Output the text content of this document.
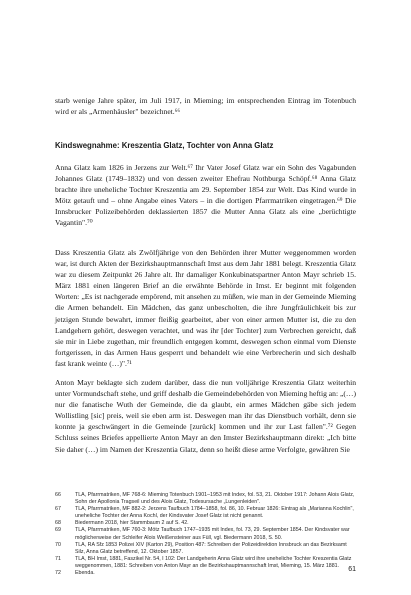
starb wenige Jahre später, im Juli 1917, in Mieming; im entsprechenden Eintrag im Totenbuch wird er als „Armenhäusler" bezeichnet.⁶⁶

Kindswegnahme: Kreszentia Glatz, Tochter von Anna Glatz

Anna Glatz kam 1826 in Jerzens zur Welt.⁶⁷ Ihr Vater Josef Glatz war ein Sohn des Vagabunden Johannes Glatz (1749–1832) und von dessen zweiter Ehefrau Nothburga Schöpf.⁶⁸ Anna Glatz brachte ihre uneheliche Tochter Kreszentia am 29. September 1854 zur Welt. Das Kind wurde in Mötz getauft und – ohne Angabe eines Vaters – in die dortigen Pfarrmatriken eingetragen.⁶⁹ Die Innsbrucker Polizeibehörden deklassierten 1857 die Mutter Anna Glatz als eine „berüchtigte Vagantin".⁷⁰

Dass Kreszentia Glatz als Zwölfjährige von den Behörden ihrer Mutter weggenommen worden war, ist durch Akten der Bezirkshauptmannschaft Imst aus dem Jahr 1881 belegt. Kreszentia Glatz war zu diesem Zeitpunkt 26 Jahre alt. Ihr damaliger Konkubinatspartner Anton Mayr schrieb 15. März 1881 einen längeren Brief an die erwähnte Behörde in Imst. Er beginnt mit folgenden Worten: „Es ist nachgerade empörend, mit ansehen zu müßen, wie man in der Gemeinde Mieming die Armen behandelt. Ein Mädchen, das ganz unbescholten, die ihre Jungfräulichkeit bis zur jetzigen Stunde bewahrt, immer fleißig gearbeitet, aber von einer armen Mutter ist, die zu den Landgehern gehört, deswegen verachtet, und was ihr [der Tochter] zum Verbrechen gereicht, daß sie mir in Liebe zugethan, mir freundlich entgegen kommt, deswegen schon einmal vom Dienste fortgerissen, in das Armen Haus gesperrt und behandelt wie eine Verbrecherin und sich deshalb fast krank weinte (…)".⁷¹

Anton Mayr beklagte sich zudem darüber, dass die nun volljährige Kreszentia Glatz weiterhin unter Vormundschaft stehe, und griff deshalb die Gemeindebehörden von Mieming heftig an: „(…) nur die fanatische Wuth der Gemeinde, die da glaubt, ein armes Mädchen gäbe sich jedem Wollistling [sic] preis, weil sie eben arm ist. Deswegen man ihr das Dienstbuch vorhält, denn sie konnte ja geschwängert in die Gemeinde [zurück] kommen und ihr zur Last fallen".⁷² Gegen Schluss seines Briefes appellierte Anton Mayr an den Imster Bezirkshauptmann direkt: „Ich bitte Sie daher (…) im Namen der Kreszentia Glatz, denn so heißt diese arme Verfolgte, gewähren Sie

66	TLA, Pfarrmatriken, MF 768-6: Mieming Totenbuch 1901–1953 mit Index, fol. 53, 21. Oktober 1917: Johann Alois Glatz, Sohn der Apollonia Tragseil und des Alois Glatz, Todesursache „Lungenleiden".
67	TLA, Pfarrmatriken, MF 882-2: Jerzens Taufbuch 1784–1858, fol. 86, 10. Februar 1826: Eintrag als „Marianna Kochlin", uneheliche Tochter der Anna Kochl, der Kindsvater Josef Glatz ist nicht genannt.
68	Biedermann 2018, hier Stammbaum 2 auf S. 42.
69	TLA, Pfarrmatriken, MF 760-3: Mötz Taufbuch 1747–1935 mit Index, fol. 73, 29. September 1854. Der Kindsvater war möglicherweise der Schleifer Alois Weißensteiner aus Füll, vgl. Biedermann 2018, S. 50.
70	TLA, RA Sfz 1853 Polizei XIV (Karton 29), Position 487: Schreiben der Polizeidirektion Innsbruck an das Bezirksamt Silz, Anna Glatz betreffend, 12. Oktober 1857.
71	TLA, BH Imst, 1881, Faszikel Nr. 54, I 102: Der Landgeherin Anna Glatz wird ihre uneheliche Tochter Kreszentia Glatz weggenommen, 1881: Schreiben von Anton Mayr an die Bezirkshauptmannschaft Imst, Mieming, 15. März 1881.
72	Ebenda.
61
